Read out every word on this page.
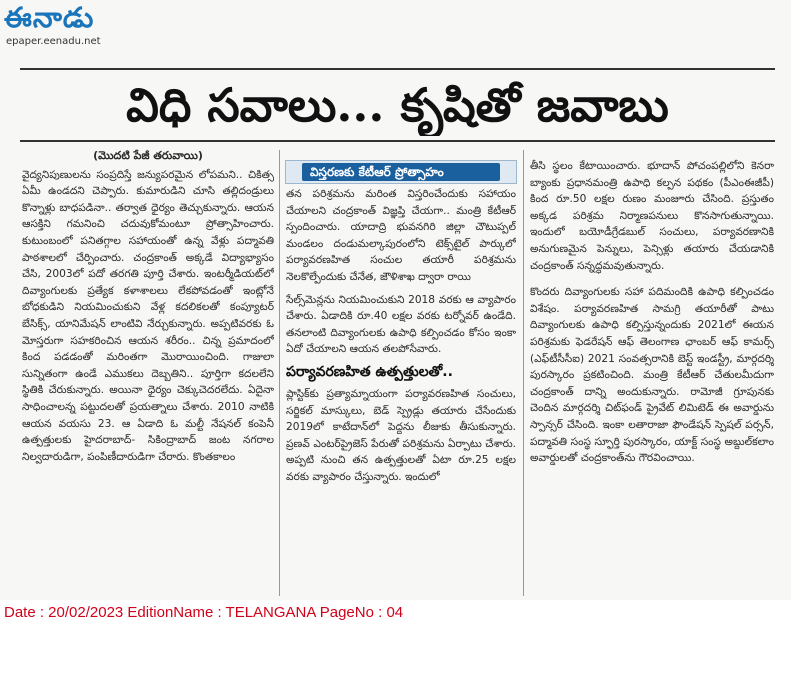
ఈనాడు
epaper.eenadu.net
విధి సవాలు... కృషితో జవాబు

(మొదటి పేజీ తరువాయి)

వైద్యనిపుణులను సంప్రదిస్తే జన్యుపరమైన లోపమని.. చికిత్స ఏమీ ఉండదని చెప్పారు. కుమారుడిని చూసి తల్లిదండ్రులు కొన్నాళ్లు బాధపడినా.. తర్వాత ధైర్యం తెచ్చుకున్నారు. ఆయన ఆసక్తిని గమనించి చదువుకోమంటూ ప్రోత్సాహించారు. కుటుంబంలో పనితగ్గాల సహాయంతో ఉన్న వేళ్లు పద్మావతి పాఠశాలలో చేర్పించారు. చంద్రకాంత్ అక్కడే విద్యాభ్యాసం చేసి, 2003లో పదో తరగతి పూర్తి చేశారు. ఇంటర్మీడియట్‌లో దివ్యాంగులకు ప్రత్యేక కళాశాలలు లేకపోవడంతో ఇంట్లోనే బోధకుడిని నియమించుకుని వేళ్ల కదలికలతో కంప్యూటర్ బేసిక్స్, యానిమేషన్ లాంటివి నేర్చుకున్నారు. అప్పటివరకు ఓ మోస్తరుగా సహకరించిన ఆయన శరీరం.. చిన్న ప్రమాదంలో కింద పడడంతో మరింతగా మొరాయించింది. గాజులా సున్నితంగా ఉండే ఎముకలు దెబ్బతిని.. పూర్తిగా కదలలేని స్థితికి చేరుకున్నారు. అయినా ధైర్యం చెక్కుచెదరలేదు. ఏదైనా సాధించాలన్న పట్టుదలతో ప్రయత్నాలు చేశారు. 2010 నాటికి ఆయన వయసు 23. ఆ ఏడాది ఓ మల్టీ నేషనల్ కంపెనీ ఉత్పత్తులకు హైదరాబాద్- సికింద్రాబాద్ జంట నగరాల నిల్వదారుడిగా, పంపిణీదారుడిగా చేరారు. కొంతకాలం

విస్తరణకు కేటీఆర్ ప్రోత్సాహం

తన పరిశ్రమను మరింత విస్తరించేందుకు సహాయం చేయాలని చంద్రకాంత్ విజ్ఞప్తి చేయగా.. మంత్రి కేటీఆర్ స్పందించారు. యాదాద్రి భువనగిరి జిల్లా చౌటుప్పల్ మండలం దండుమల్కాపురంలోని టెక్స్‌టైల్ పార్కులో పర్యావరణహిత సంచుల తయారీ పరిశ్రమను నెలకొల్పేందుకు చేనేత, జౌళిశాఖ ద్వారా రాయి

సేల్స్‌మెన్లను నియమించుకుని 2018 వరకు ఆ వ్యాపారం చేశారు. ఏడాదికి రూ.40 లక్షల వరకు టర్నోవర్ ఉండేది. తనలాంటి దివ్యాంగులకు ఉపాధి కల్పించడం కోసం ఇంకా ఏదో చేయాలని ఆయన తలపోసేవారు.

పర్యావరణహిత ఉత్పత్తులతో..

ప్లాస్టిక్‌కు ప్రత్యామ్నాయంగా పర్యావరణహిత సంచులు, సర్జికల్ మాస్కులు, బెడ్ స్ప్రెడ్లు తయారు చేసేందుకు 2019లో కాటేదాన్‌లో పెద్దను లీజుకు తీసుకున్నారు. ప్రణవ్ ఎంటర్‌ప్రైజెస్ పేరుతో పరిశ్రమను ఏర్పాటు చేశారు. అప్పటి నుంచి తన ఉత్పత్తులతో ఏటా రూ.25 లక్షల వరకు వ్యాపారం చేస్తున్నారు. ఇందులో

తీసి స్థలం కేటాయించారు. భూదాన్ పోచంపల్లిలోని కెనరా బ్యాంకు ప్రధానమంత్రి ఉపాధి కల్పన పథకం (పీఎంఈజీపీ) కింద రూ.50 లక్షల రుణం మంజూరు చేసింది. ప్రస్తుతం అక్కడ పరిశ్రమ నిర్మాణపనులు కొనసాగుతున్నాయి. ఇందులో బయోడీగ్రేడబుల్ సంచులు, పర్యావరణానికి అనుగుణమైన పెన్నులు, పెన్సిళ్లు తయారు చేయడానికి చంద్రకాంత్ సన్నద్ధమవుతున్నారు.

కొందరు దివ్యాంగులకు సహా పదిమందికి ఉపాధి కల్పించడం విశేషం. పర్యావరణహిత సామగ్రి తయారీతో పాటు దివ్యాంగులకు ఉపాధి కల్పిస్తున్నందుకు 2021లో ఈయన పరిశ్రమకు ఫెడరేషన్ ఆఫ్ తెలంగాణ ఛాంబర్ ఆఫ్ కామర్స్ (ఎఫ్‌టీసీసీఐ) 2021 సంవత్సరానికి బెస్ట్ ఇండస్ట్రీ, మార్గదర్శి పురస్కారం ప్రకటించింది. మంత్రి కేటీఆర్ చేతులమీదుగా చంద్రకాంత్ దాన్ని అందుకున్నారు. రామోజీ గ్రూపునకు చెందిన మార్గదర్శి చిట్‌ఫండ్ ప్రైవేట్ లిమిటెడ్ ఈ అవార్డును స్పాన్సర్ చేసింది. ఇంకా లతారాజా ఫౌండేషన్ స్పెషల్ పర్సన్, పద్మావతి సంస్థ స్ఫూర్తి పురస్కారం, యాక్ట్ సంస్థ అబ్దుల్‌కలాం అవార్డులతో చంద్రకాంత్‌ను గౌరవించాయి.

Date : 20/02/2023 EditionName : TELANGANA PageNo : 04
